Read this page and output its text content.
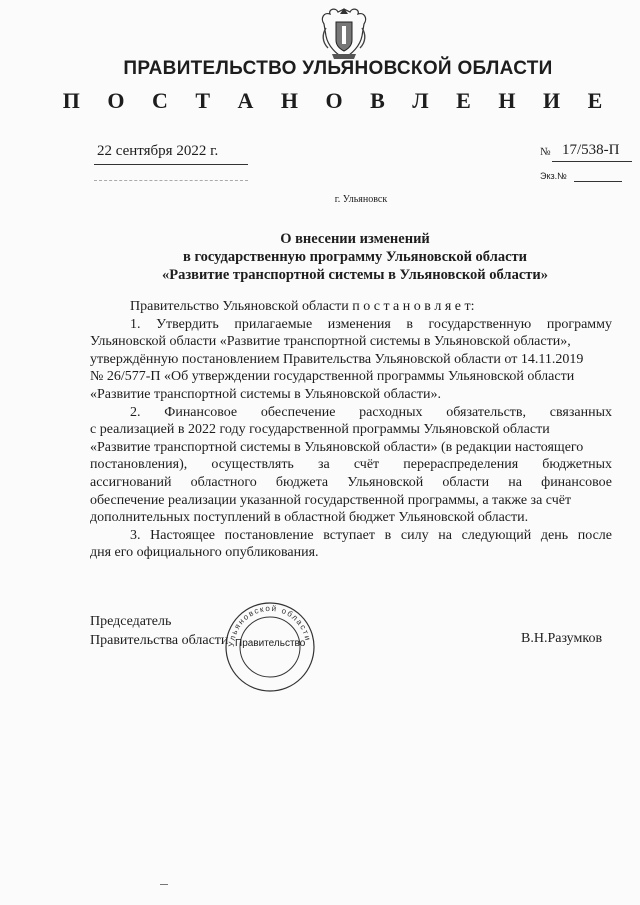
ПРАВИТЕЛЬСТВО УЛЬЯНОВСКОЙ ОБЛАСТИ
П О С Т А Н О В Л Е Н И Е
22 сентября 2022 г.	№ 17/538-П
Экз.№
г. Ульяновск
О внесении изменений
в государственную программу Ульяновской области
«Развитие транспортной системы в Ульяновской области»
Правительство Ульяновской области п о с т а н о в л я е т:
1. Утвердить прилагаемые изменения в государственную программу
Ульяновской области «Развитие транспортной системы в Ульяновской области»,
утверждённую постановлением Правительства Ульяновской области от 14.11.2019
№ 26/577-П «Об утверждении государственной программы Ульяновской области
«Развитие транспортной системы в Ульяновской области».
2. Финансовое обеспечение расходных обязательств, связанных
с реализацией в 2022 году государственной программы Ульяновской области
«Развитие транспортной системы в Ульяновской области» (в редакции настоящего
постановления), осуществлять за счёт перераспределения бюджетных
ассигнований областного бюджета Ульяновской области на финансовое
обеспечение реализации указанной государственной программы, а также за счёт
дополнительных поступлений в областной бюджет Ульяновской области.
3. Настоящее постановление вступает в силу на следующий день после
дня его официального опубликования.
Председатель
Правительства области
Ульяновской области
Правительство	В.Н.Разумков
